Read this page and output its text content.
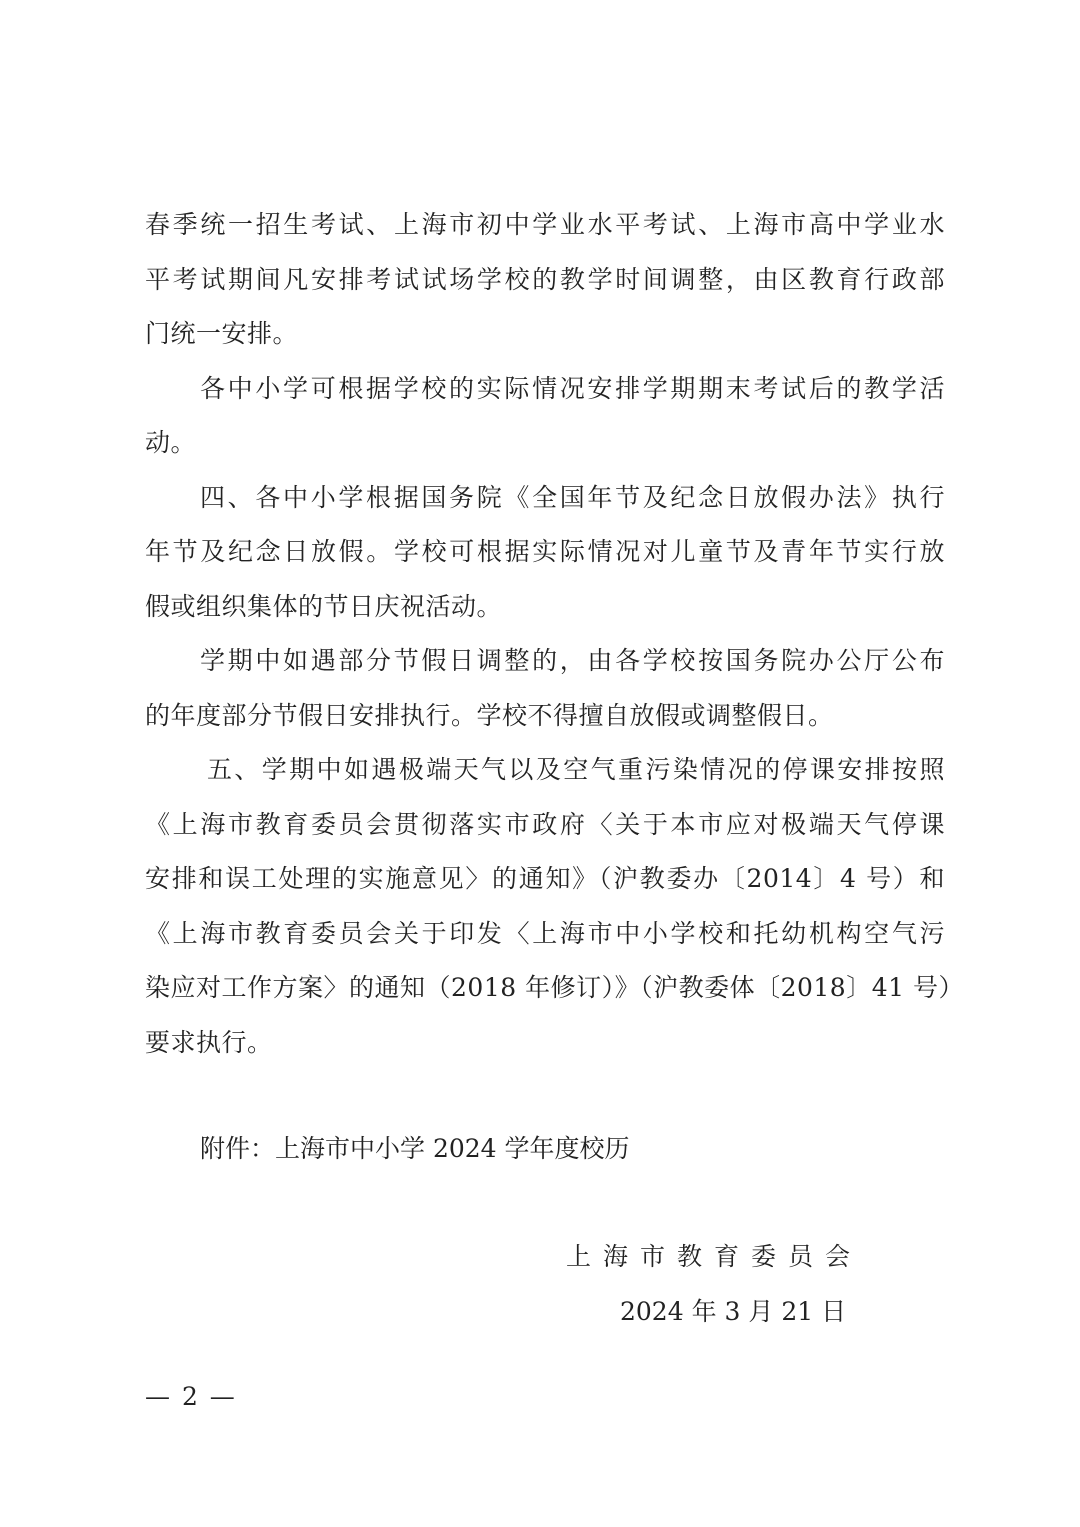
春季统一招生考试、上海市初中学业水平考试、上海市高中学业水
平考试期间凡安排考试试场学校的教学时间调整，由区教育行政部
门统一安排。
各中小学可根据学校的实际情况安排学期期末考试后的教学活
动。
四、各中小学根据国务院《全国年节及纪念日放假办法》执行
年节及纪念日放假。学校可根据实际情况对儿童节及青年节实行放
假或组织集体的节日庆祝活动。
学期中如遇部分节假日调整的，由各学校按国务院办公厅公布
的年度部分节假日安排执行。学校不得擅自放假或调整假日。
五、学期中如遇极端天气以及空气重污染情况的停课安排按照
《上海市教育委员会贯彻落实市政府〈关于本市应对极端天气停课
安排和误工处理的实施意见〉的通知》（沪教委办〔2014〕4 号）和
《上海市教育委员会关于印发〈上海市中小学校和托幼机构空气污
染应对工作方案〉的通知（2018 年修订）》（沪教委体〔2018〕41 号）
要求执行。
附件：上海市中小学 2024 学年度校历
上海市教育委员会
2024 年 3 月 21 日
— 2 —
